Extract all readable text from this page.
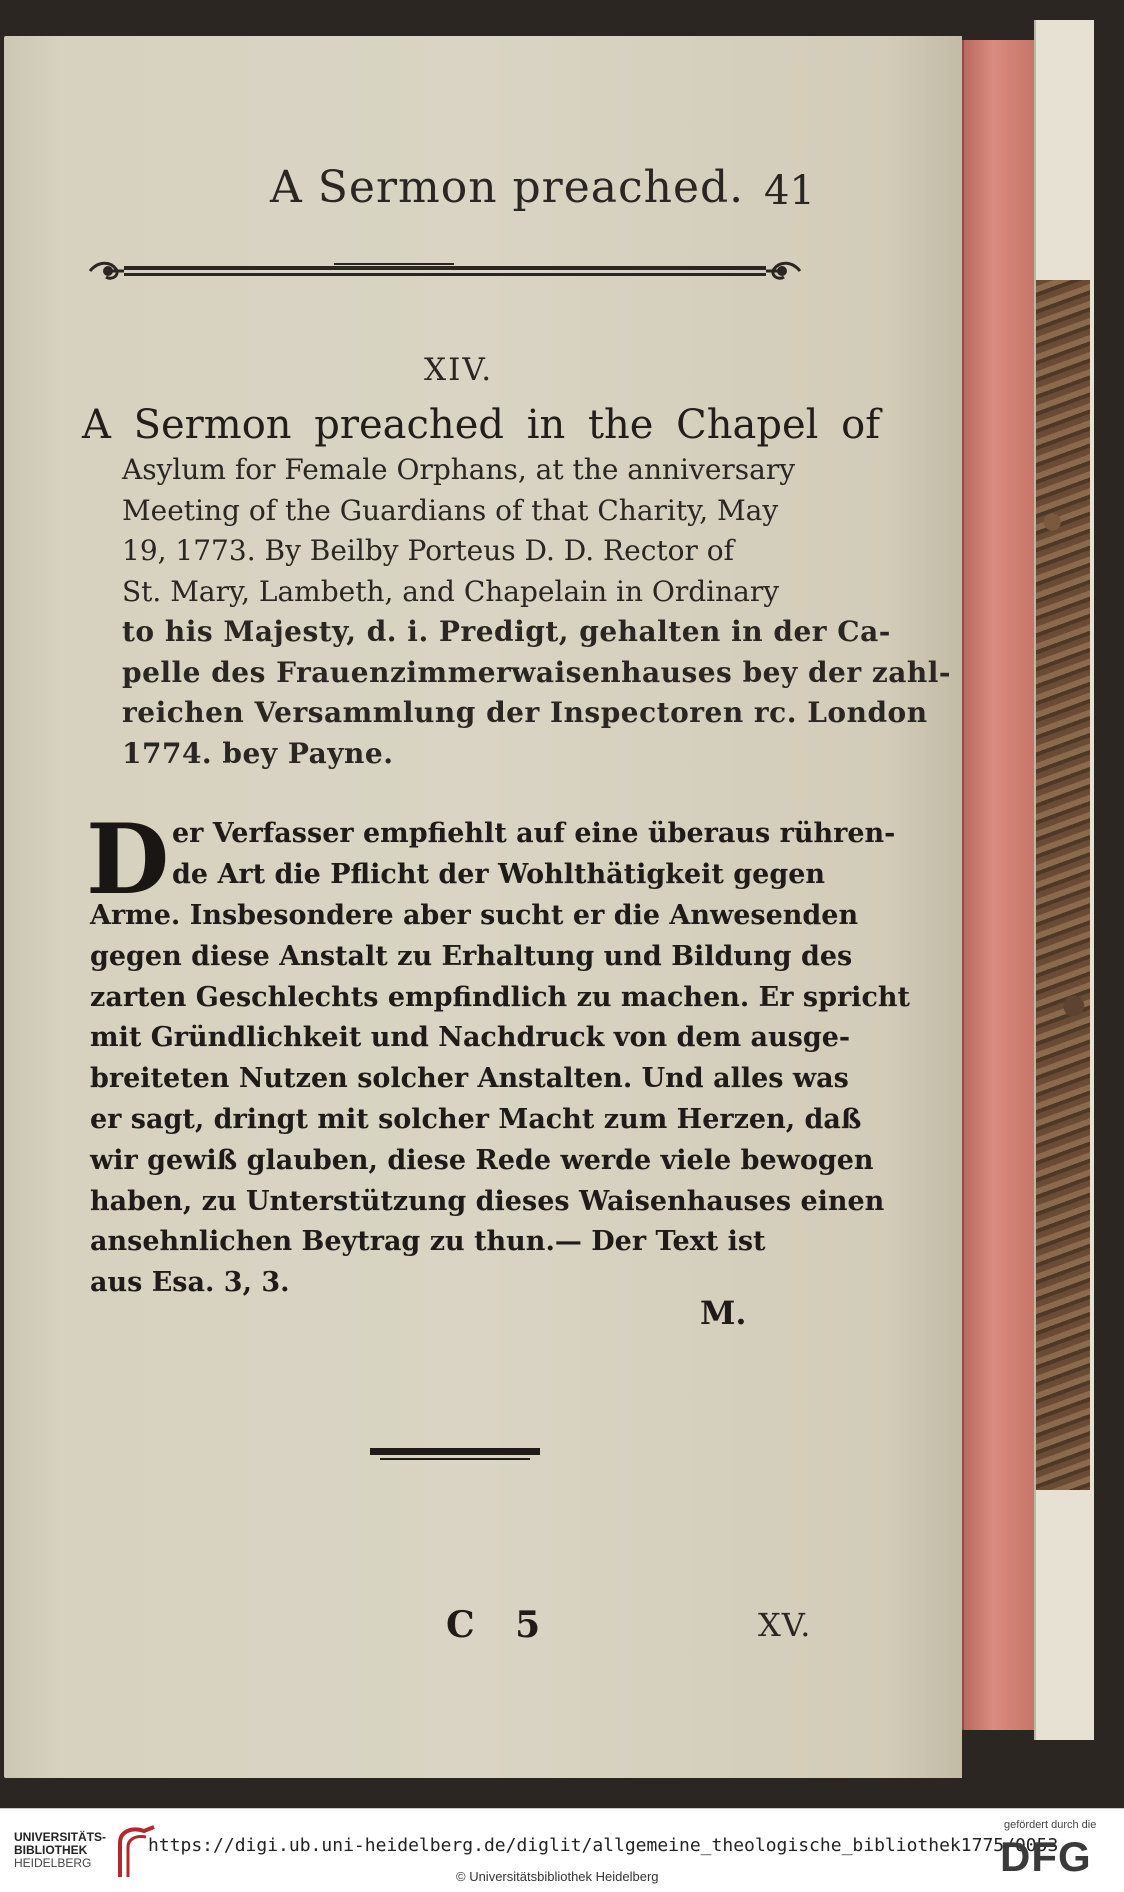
A Sermon preached. 41
XIV.
A Sermon preached in the Chapel of
Asylum for Female Orphans, at the anniversary
Meeting of the Guardians of that Charity, May
19, 1773. By Beilby Porteus D. D. Rector of
St. Mary, Lambeth, and Chapelain in Ordinary
to his Majesty, d. i. Predigt, gehalten in der Ca-
pelle des Frauenzimmerwaisenhauses bey der zahl-
reichen Versammlung der Inspectoren rc. London
1774. bey Payne.
D er Verfasser empfiehlt auf eine überaus rühren-
de Art die Pflicht der Wohlthätigkeit gegen
Arme. Insbesondere aber sucht er die Anwesenden
gegen diese Anstalt zu Erhaltung und Bildung des
zarten Geschlechts empfindlich zu machen. Er spricht
mit Gründlichkeit und Nachdruck von dem ausge-
breiteten Nutzen solcher Anstalten. Und alles was
er sagt, dringt mit solcher Macht zum Herzen, daß
wir gewiß glauben, diese Rede werde viele bewogen
haben, zu Unterstützung dieses Waisenhauses einen
ansehnlichen Beytrag zu thun.— Der Text ist
aus Esa. 3, 3.
M.
C 5	XV.
UNIVERSITÄTS-
BIBLIOTHEK
HEIDELBERG
https://digi.ub.uni-heidelberg.de/diglit/allgemeine_theologische_bibliothek1775/0053
© Universitätsbibliothek Heidelberg
gefördert durch die
DFG
